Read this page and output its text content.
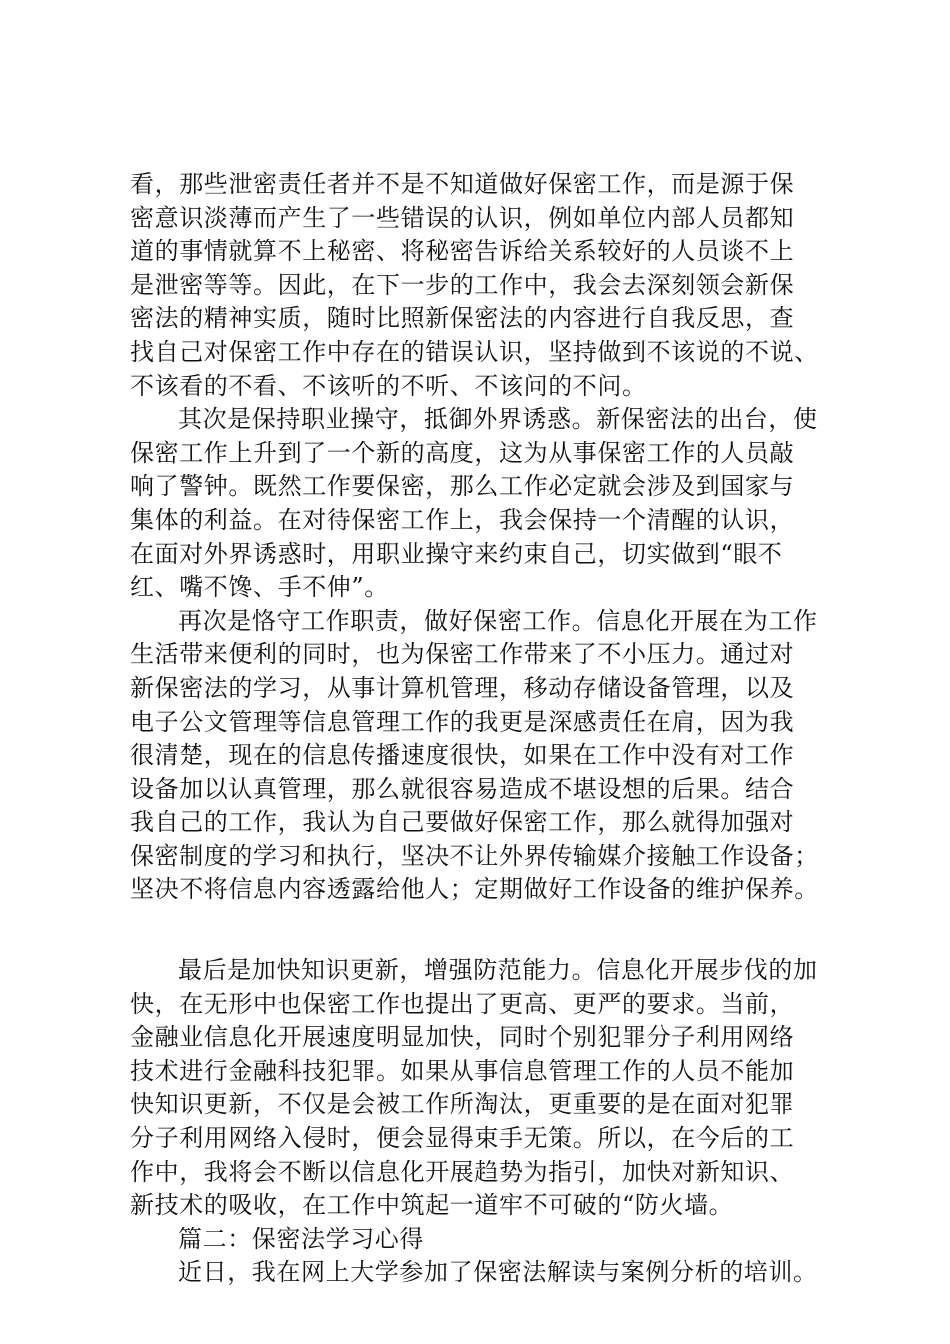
看，那些泄密责任者并不是不知道做好保密工作，而是源于保
密意识淡薄而产生了一些错误的认识，例如单位内部人员都知
道的事情就算不上秘密、将秘密告诉给关系较好的人员谈不上
是泄密等等。因此，在下一步的工作中，我会去深刻领会新保
密法的精神实质，随时比照新保密法的内容进行自我反思，查
找自己对保密工作中存在的错误认识，坚持做到不该说的不说、
不该看的不看、不该听的不听、不该问的不问。
其次是保持职业操守，抵御外界诱惑。新保密法的出台，使
保密工作上升到了一个新的高度，这为从事保密工作的人员敲
响了警钟。既然工作要保密，那么工作必定就会涉及到国家与
集体的利益。在对待保密工作上，我会保持一个清醒的认识，
在面对外界诱惑时，用职业操守来约束自己，切实做到“眼不
红、嘴不馋、手不伸”。
再次是恪守工作职责，做好保密工作。信息化开展在为工作
生活带来便利的同时，也为保密工作带来了不小压力。通过对
新保密法的学习，从事计算机管理，移动存储设备管理，以及
电子公文管理等信息管理工作的我更是深感责任在肩，因为我
很清楚，现在的信息传播速度很快，如果在工作中没有对工作
设备加以认真管理，那么就很容易造成不堪设想的后果。结合
我自己的工作，我认为自己要做好保密工作，那么就得加强对
保密制度的学习和执行，坚决不让外界传输媒介接触工作设备；
坚决不将信息内容透露给他人；定期做好工作设备的维护保养。
最后是加快知识更新，增强防范能力。信息化开展步伐的加
快，在无形中也保密工作也提出了更高、更严的要求。当前，
金融业信息化开展速度明显加快，同时个别犯罪分子利用网络
技术进行金融科技犯罪。如果从事信息管理工作的人员不能加
快知识更新，不仅是会被工作所淘汰，更重要的是在面对犯罪
分子利用网络入侵时，便会显得束手无策。所以，在今后的工
作中，我将会不断以信息化开展趋势为指引，加快对新知识、
新技术的吸收，在工作中筑起一道牢不可破的“防火墙。
篇二：保密法学习心得
近日，我在网上大学参加了保密法解读与案例分析的培训。
